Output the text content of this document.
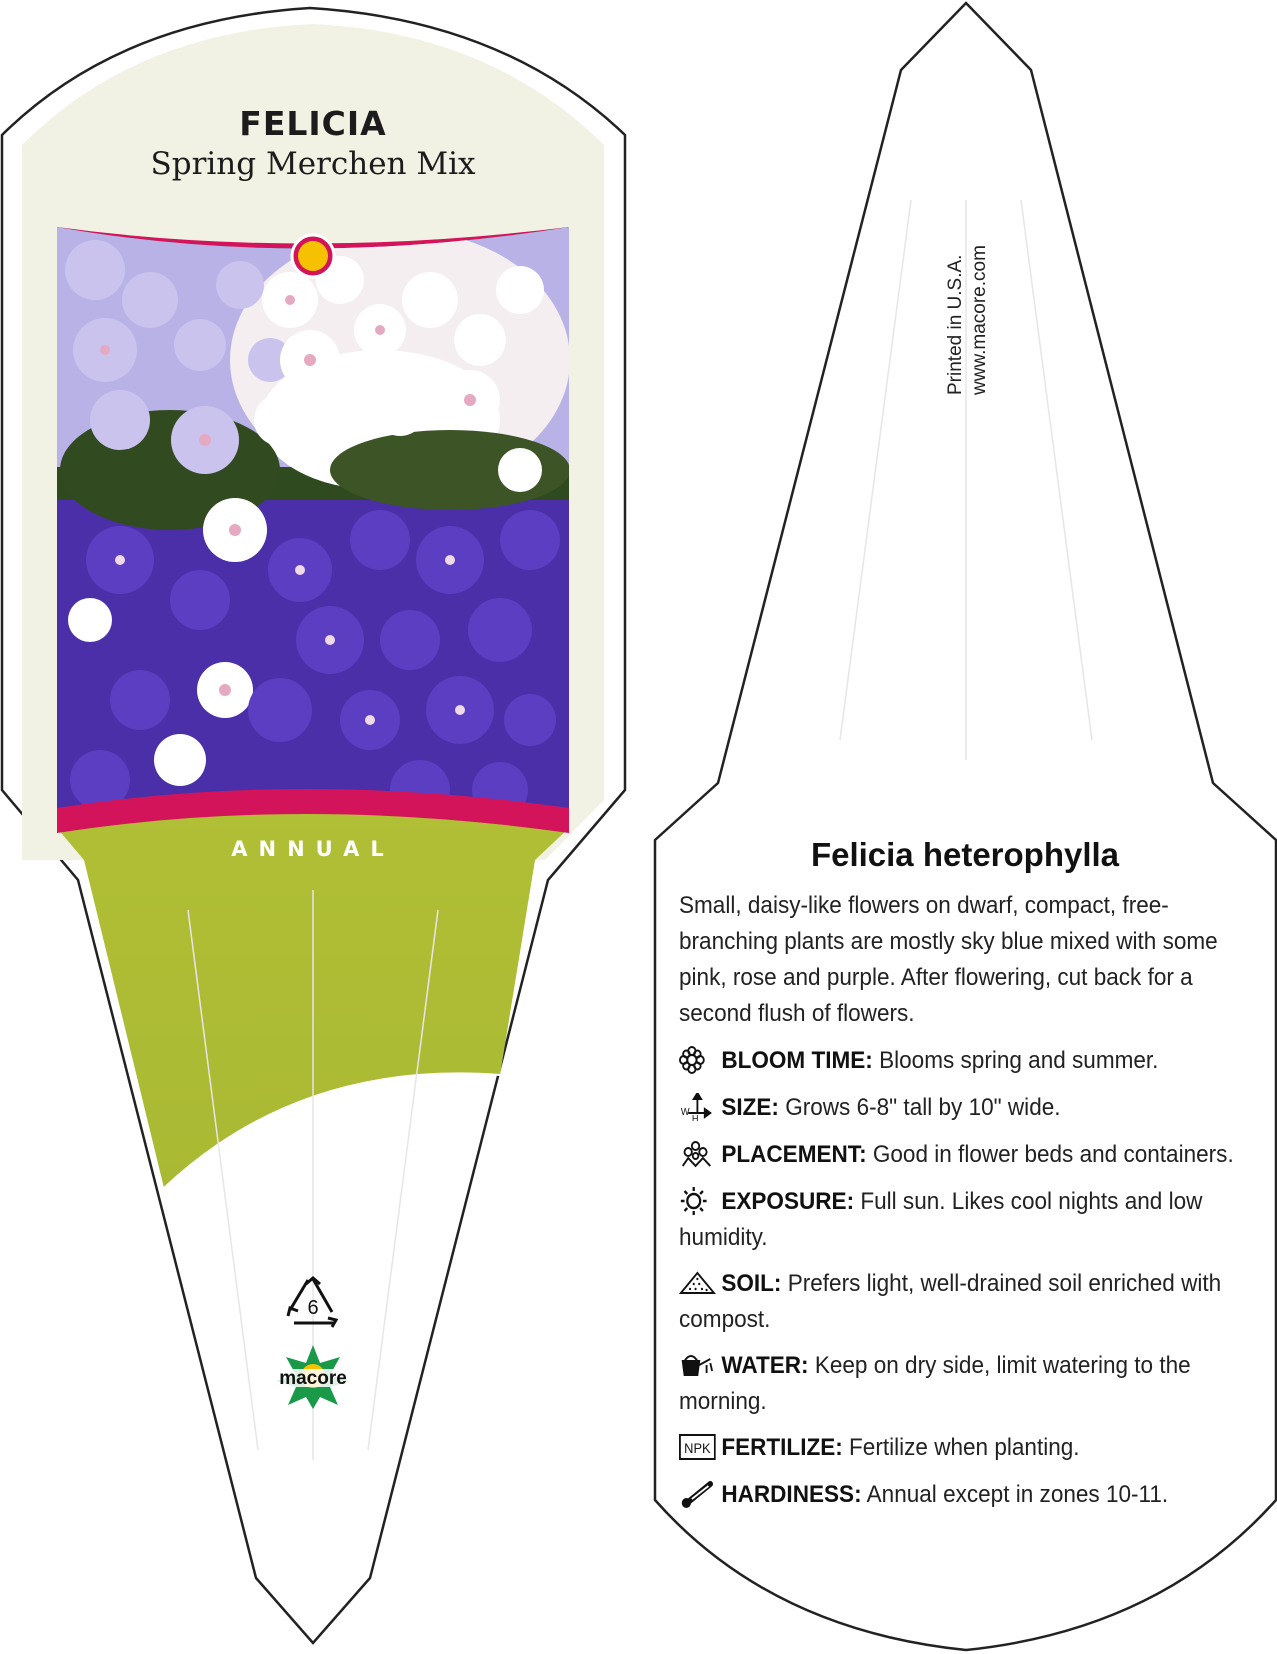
FELICIA
Spring Merchen Mix
ANNUAL
6
macore
Printed in U.S.A. www.macore.com
Felicia heterophylla
Small, daisy-like flowers on dwarf, compact, free-branching plants are mostly sky blue mixed with some pink, rose and purple. After flowering, cut back for a second flush of flowers.
BLOOM TIME: Blooms spring and summer.
W
H SIZE: Grows 6-8" tall by 10" wide.
PLACEMENT: Good in flower beds and containers.
EXPOSURE: Full sun. Likes cool nights and low humidity.
SOIL: Prefers light, well-drained soil enriched with compost.
WATER: Keep on dry side, limit watering to the morning.
NPK FERTILIZE: Fertilize when planting.
HARDINESS: Annual except in zones 10-11.
